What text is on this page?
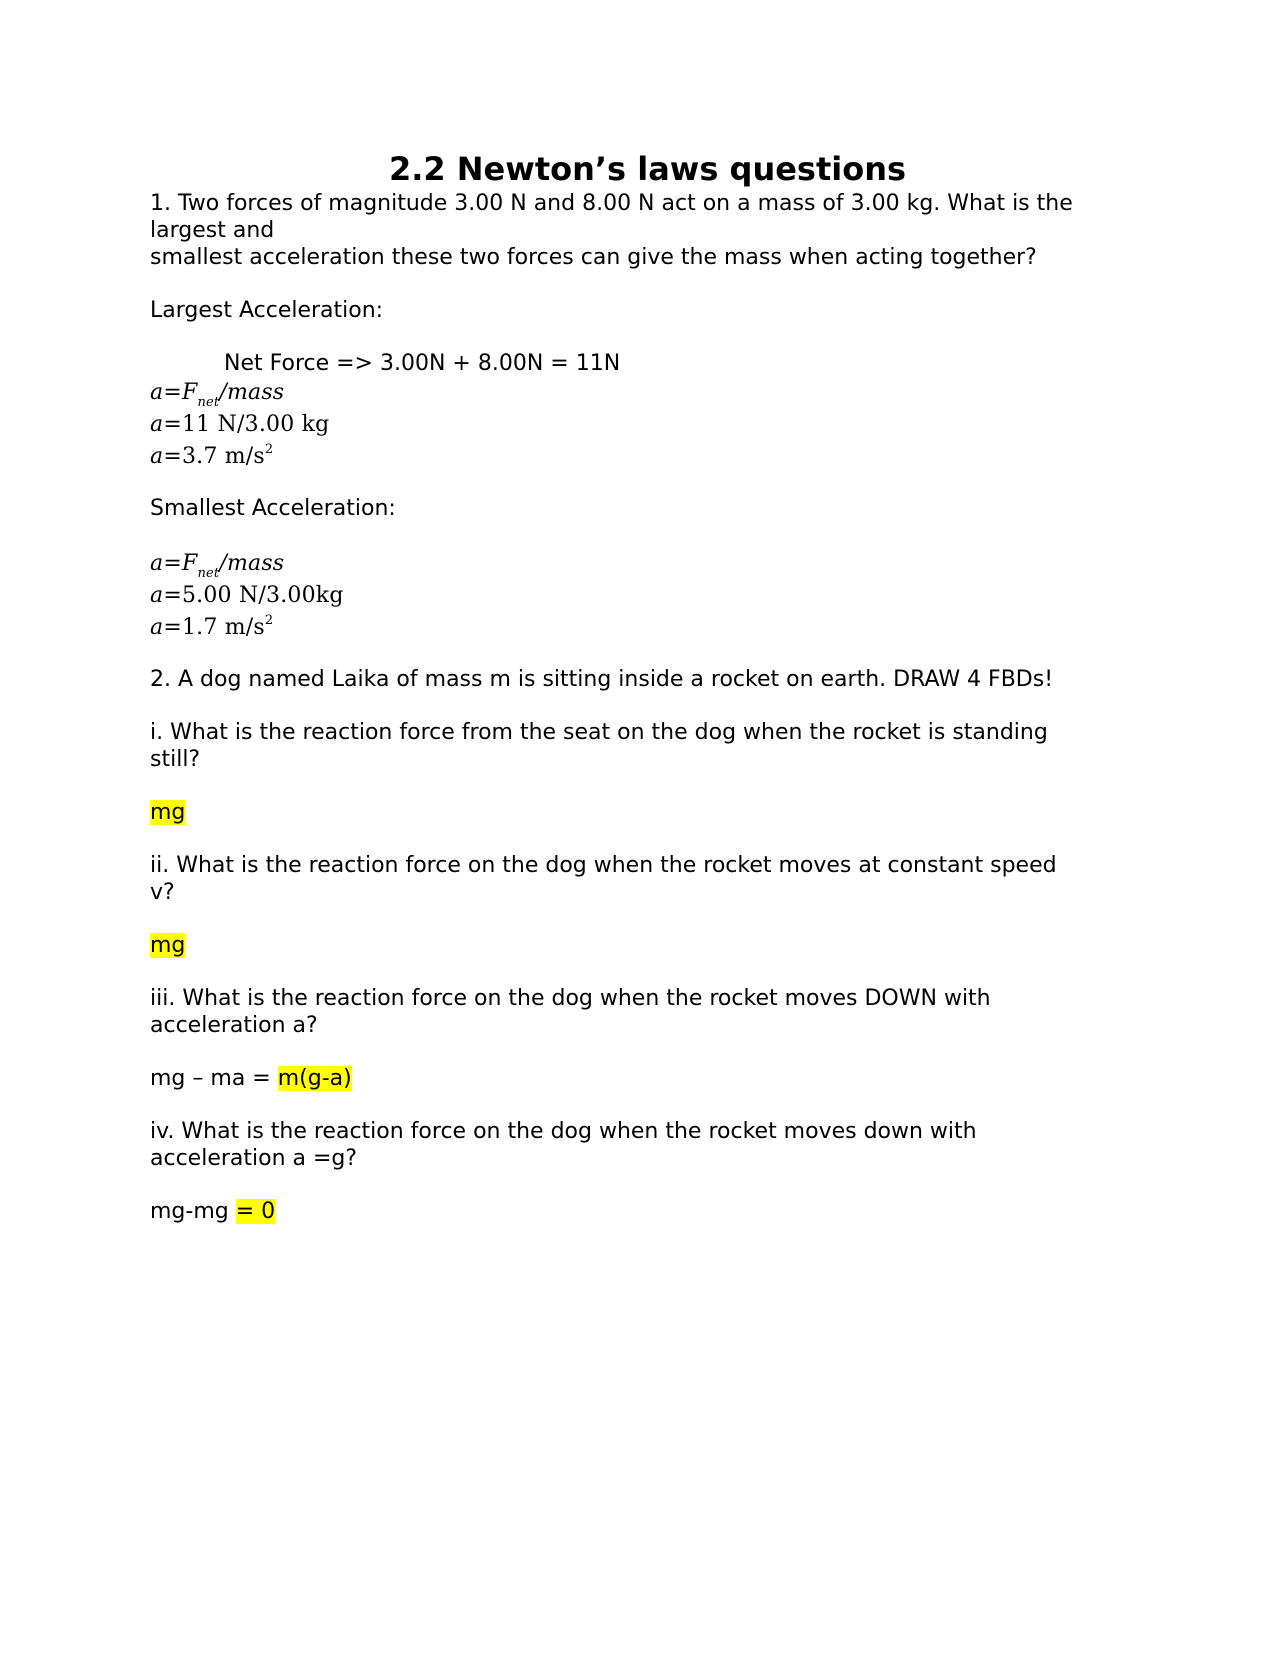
2.2 Newton’s laws questions

1. Two forces of magnitude 3.00 N and 8.00 N act on a mass of 3.00 kg. What is the

largest and

smallest acceleration these two forces can give the mass when acting together?

Largest Acceleration:

Net Force => 3.00N + 8.00N = 11N

$a=F_{net}$/mass

a=11 N/3.00 kg

a=3.7 $m/s^2$

Smallest Acceleration:

$a=F_{net}$/mass

a=5.00 N/3.00kg

a=1.7 $m/s^2$

2. A dog named Laika of mass m is sitting inside a rocket on earth. DRAW 4 FBDs!

i. What is the reaction force from the seat on the dog when the rocket is standing

still?

mg

ii. What is the reaction force on the dog when the rocket moves at constant speed

v?

mg

iii. What is the reaction force on the dog when the rocket moves DOWN with

acceleration a?

mg – ma = m(g-a)

iv. What is the reaction force on the dog when the rocket moves down with

acceleration a =g?

mg-mg = 0
